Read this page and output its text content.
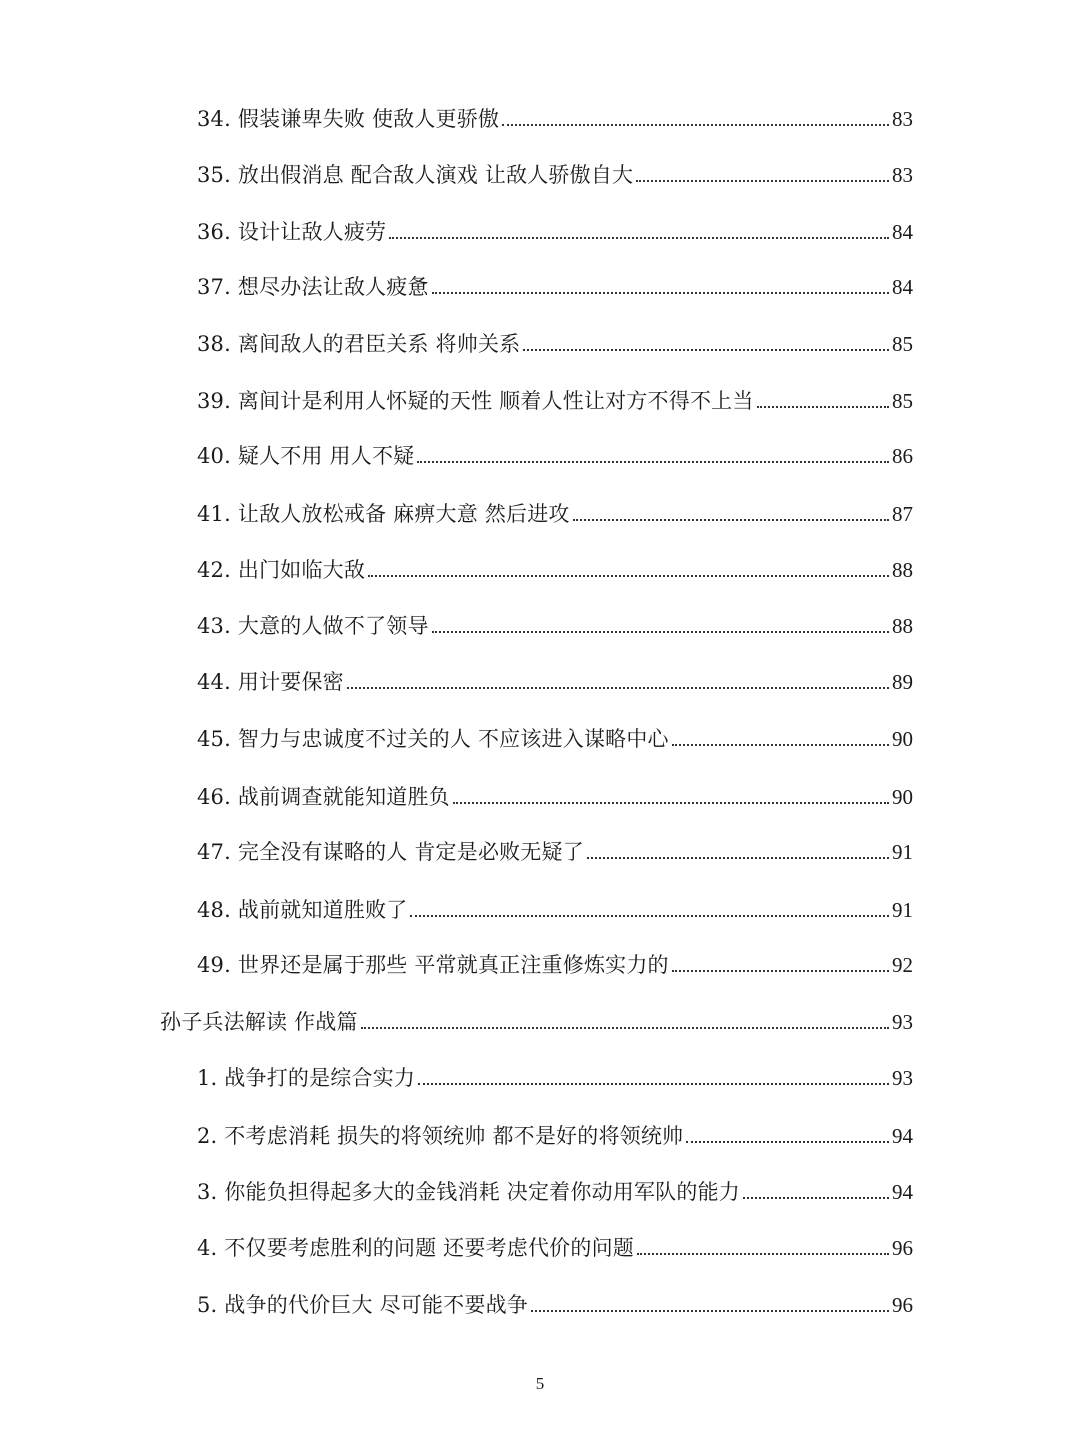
34. 假装谦卑失败 使敌人更骄傲	83
35. 放出假消息 配合敌人演戏 让敌人骄傲自大	83
36. 设计让敌人疲劳	84
37. 想尽办法让敌人疲惫	84
38. 离间敌人的君臣关系 将帅关系	85
39. 离间计是利用人怀疑的天性 顺着人性让对方不得不上当	85
40. 疑人不用 用人不疑	86
41. 让敌人放松戒备 麻痹大意 然后进攻	87
42. 出门如临大敌	88
43. 大意的人做不了领导	88
44. 用计要保密	89
45. 智力与忠诚度不过关的人 不应该进入谋略中心	90
46. 战前调查就能知道胜负	90
47. 完全没有谋略的人 肯定是必败无疑了	91
48. 战前就知道胜败了	91
49. 世界还是属于那些 平常就真正注重修炼实力的	92
孙子兵法解读 作战篇	93
1. 战争打的是综合实力	93
2. 不考虑消耗 损失的将领统帅 都不是好的将领统帅	94
3. 你能负担得起多大的金钱消耗 决定着你动用军队的能力	94
4. 不仅要考虑胜利的问题 还要考虑代价的问题	96
5. 战争的代价巨大 尽可能不要战争	96
5
